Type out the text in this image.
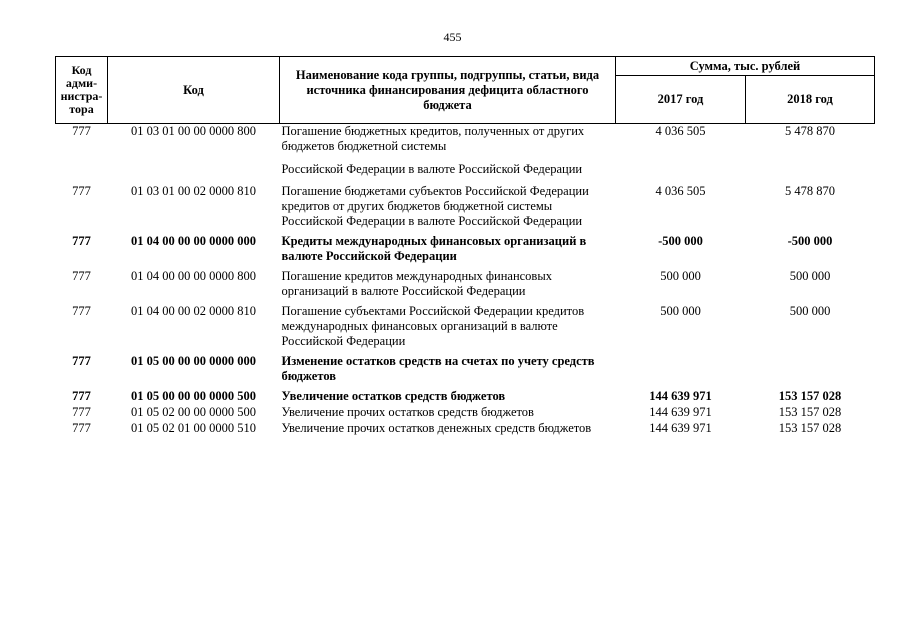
455
Код адми-нистра-тора	Код	Наименование кода группы, подгруппы, статьи, вида источника финансирования дефицита областного бюджета	Сумма, тыс. рублей	
			2017 год	2018 год
777	01 03 01 00 00 0000 800	Погашение бюджетных кредитов, полученных от других бюджетов бюджетной системы	4 036 505	5 478 870
		Российской Федерации в валюте Российской Федерации		
777	01 03 01 00 02 0000 810	Погашение бюджетами субъектов Российской Федерации кредитов от других бюджетов бюджетной системы Российской Федерации в валюте Российской Федерации	4 036 505	5 478 870
777	01 04 00 00 00 0000 000	Кредиты международных финансовых организаций в валюте Российской Федерации	-500 000	-500 000
777	01 04 00 00 00 0000 800	Погашение кредитов международных финансовых организаций в валюте Российской Федерации	500 000	500 000
777	01 04 00 00 02 0000 810	Погашение субъектами Российской Федерации кредитов международных финансовых организаций в валюте Российской Федерации	500 000	500 000
777	01 05 00 00 00 0000 000	Изменение остатков средств на счетах по учету средств бюджетов		
777	01 05 00 00 00 0000 500	Увеличение остатков средств бюджетов	144 639 971	153 157 028
777	01 05 02 00 00 0000 500	Увеличение прочих остатков средств бюджетов	144 639 971	153 157 028
777	01 05 02 01 00 0000 510	Увеличение прочих остатков денежных средств бюджетов	144 639 971	153 157 028
